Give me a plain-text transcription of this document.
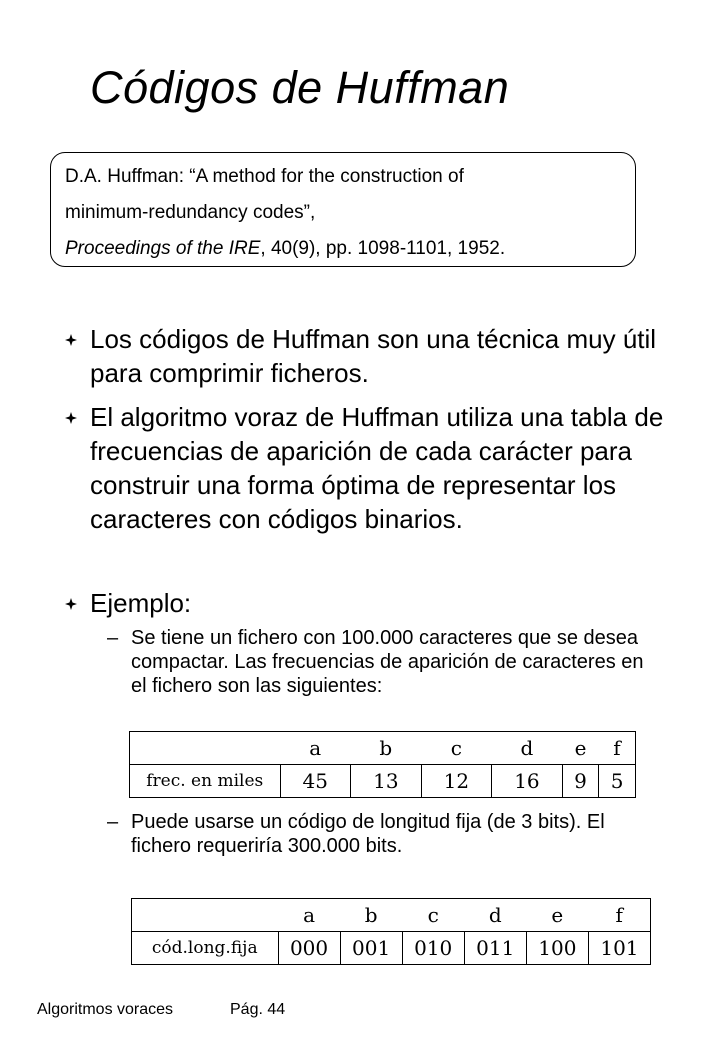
Códigos de Huffman
D.A. Huffman: “A method for the construction of
minimum-redundancy codes”,
Proceedings of the IRE, 40(9), pp. 1098-1101, 1952.
Los códigos de Huffman son una técnica muy útil para comprimir ficheros.
El algoritmo voraz de Huffman utiliza una tabla de frecuencias de aparición de cada carácter para construir una forma óptima de representar los caracteres con códigos binarios.
Ejemplo:
– Se tiene un fichero con 100.000 caracteres que se desea compactar. Las frecuencias de aparición de caracteres en el fichero son las siguientes:
	a	b	c	d	e	f
frec. en miles	45	13	12	16	9	5
– Puede usarse un código de longitud fija (de 3 bits). El fichero requeriría 300.000 bits.
	a	b	c	d	e	f
cód.long.fija	000	001	010	011	100	101
Algoritmos voraces	Pág. 44
